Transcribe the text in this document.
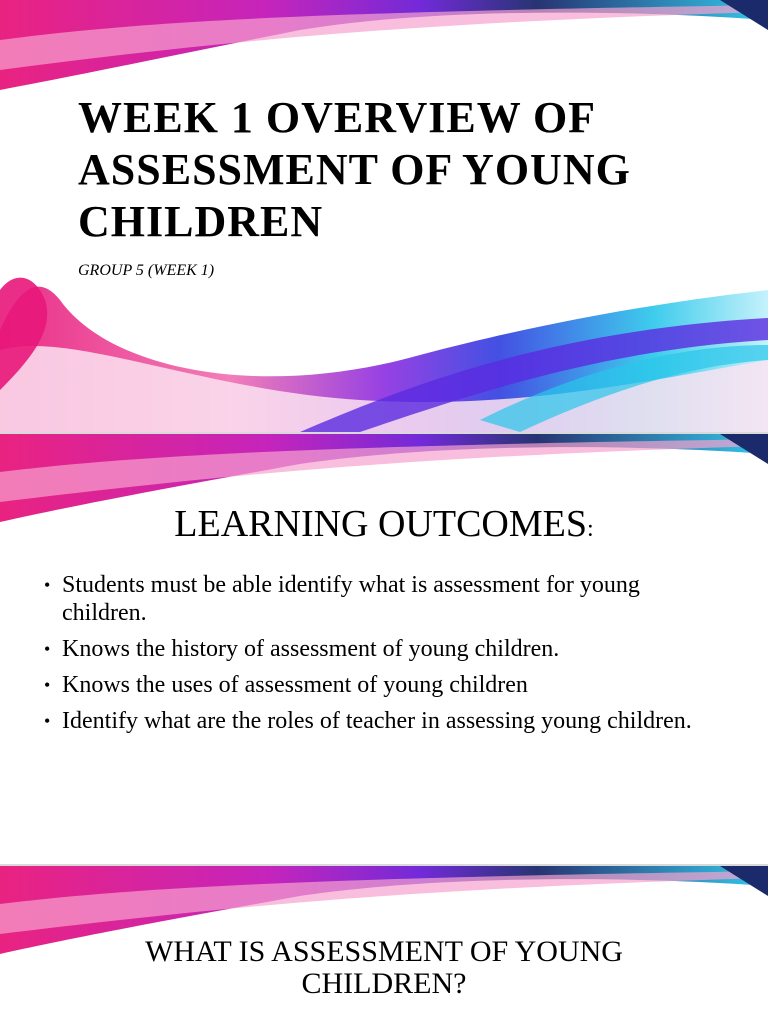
WEEK 1 OVERVIEW OF
ASSESSMENT OF YOUNG
CHILDREN

GROUP 5 (WEEK 1)

LEARNING OUTCOMES:
• Students must be able identify what is assessment for young children.
• Knows the history of assessment of young children.
• Knows the uses of assessment of young children
• Identify what are the roles of teacher in assessing young children.
WHAT IS ASSESSMENT OF YOUNG
CHILDREN?
